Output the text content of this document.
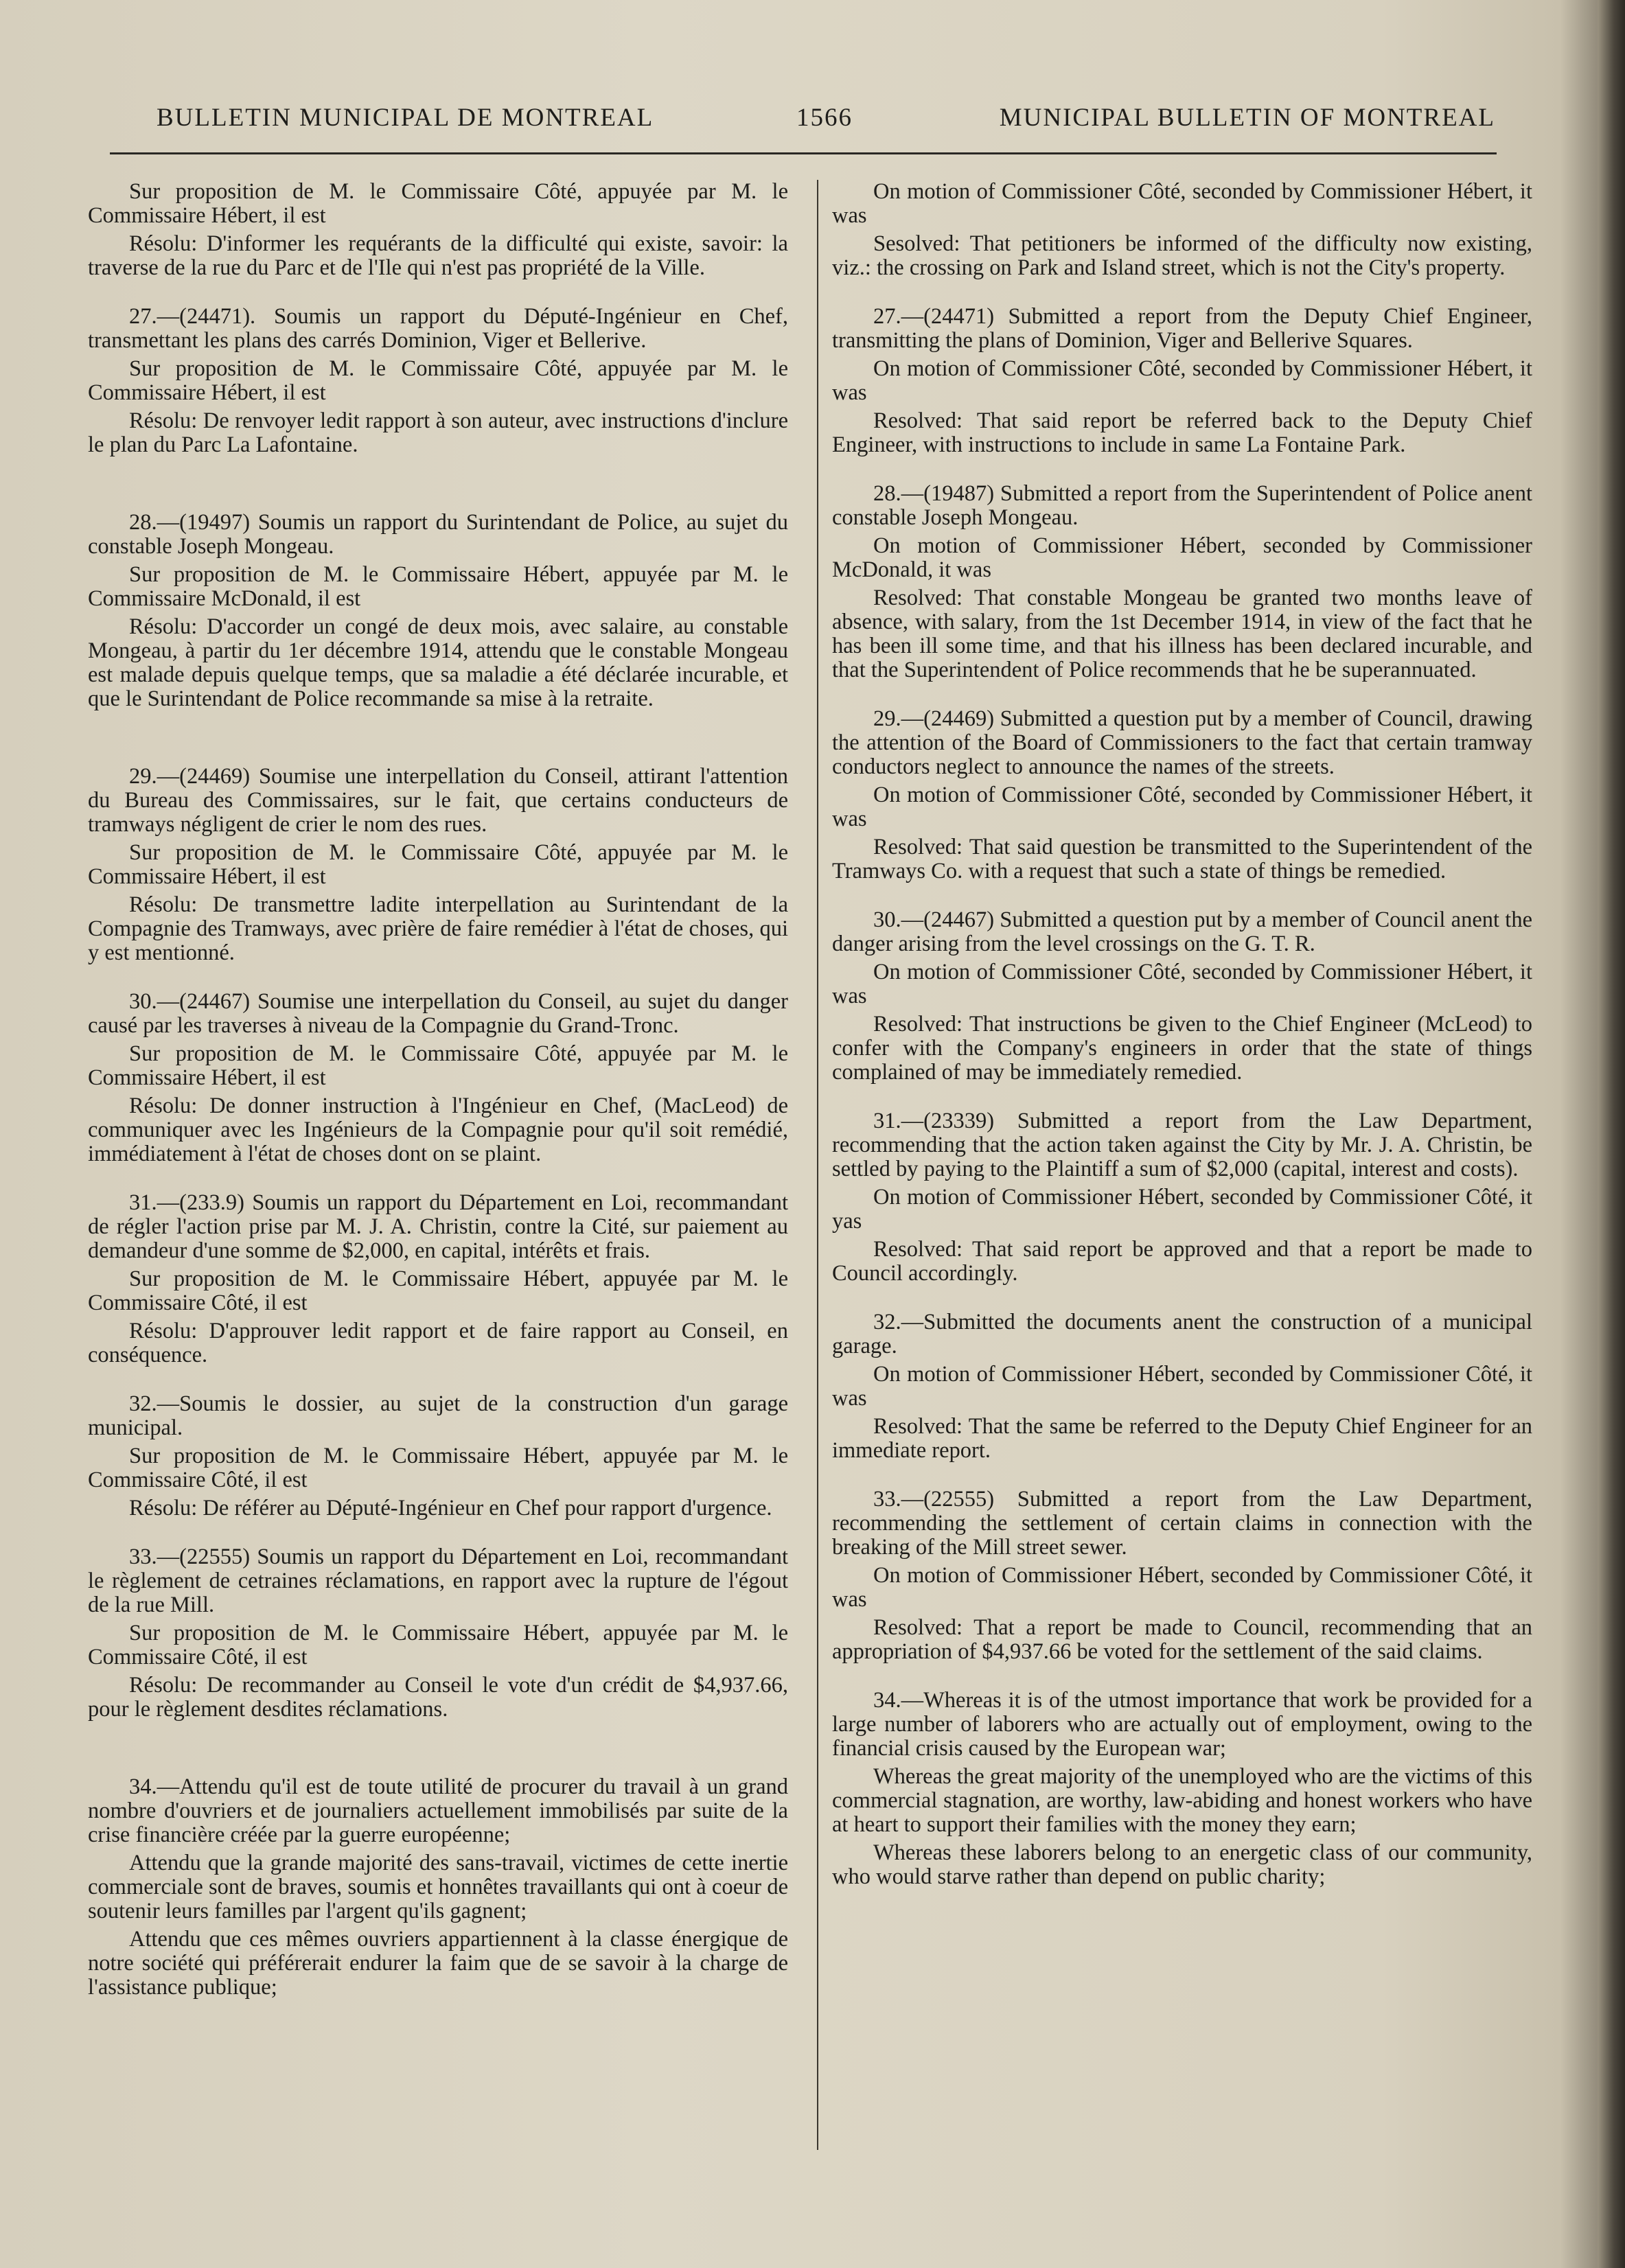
BULLETIN MUNICIPAL DE MONTREAL	1566	MUNICIPAL BULLETIN OF MONTREAL

Sur proposition de M. le Commissaire Côté, appuyée par M. le Commissaire Hébert, il est

Résolu: D'informer les requérants de la difficulté qui existe, savoir: la traverse de la rue du Parc et de l'Ile qui n'est pas propriété de la Ville.

27.—(24471). Soumis un rapport du Député-Ingénieur en Chef, transmettant les plans des carrés Dominion, Viger et Bellerive.

Sur proposition de M. le Commissaire Côté, appuyée par M. le Commissaire Hébert, il est

Résolu: De renvoyer ledit rapport à son auteur, avec instructions d'inclure le plan du Parc La Lafontaine.

28.—(19497) Soumis un rapport du Surintendant de Police, au sujet du constable Joseph Mongeau.

Sur proposition de M. le Commissaire Hébert, appuyée par M. le Commissaire McDonald, il est

Résolu: D'accorder un congé de deux mois, avec salaire, au constable Mongeau, à partir du 1er décembre 1914, attendu que le constable Mongeau est malade depuis quelque temps, que sa maladie a été déclarée incurable, et que le Surintendant de Police recommande sa mise à la retraite.

29.—(24469) Soumise une interpellation du Conseil, attirant l'attention du Bureau des Commissaires, sur le fait, que certains conducteurs de tramways négligent de crier le nom des rues.

Sur proposition de M. le Commissaire Côté, appuyée par M. le Commissaire Hébert, il est

Résolu: De transmettre ladite interpellation au Surintendant de la Compagnie des Tramways, avec prière de faire remédier à l'état de choses, qui y est mentionné.

30.—(24467) Soumise une interpellation du Conseil, au sujet du danger causé par les traverses à niveau de la Compagnie du Grand-Tronc.

Sur proposition de M. le Commissaire Côté, appuyée par M. le Commissaire Hébert, il est

Résolu: De donner instruction à l'Ingénieur en Chef, (MacLeod) de communiquer avec les Ingénieurs de la Compagnie pour qu'il soit remédié, immédiatement à l'état de choses dont on se plaint.

31.—(233.9) Soumis un rapport du Département en Loi, recommandant de régler l'action prise par M. J. A. Christin, contre la Cité, sur paiement au demandeur d'une somme de $2,000, en capital, intérêts et frais.

Sur proposition de M. le Commissaire Hébert, appuyée par M. le Commissaire Côté, il est

Résolu: D'approuver ledit rapport et de faire rapport au Conseil, en conséquence.

32.—Soumis le dossier, au sujet de la construction d'un garage municipal.

Sur proposition de M. le Commissaire Hébert, appuyée par M. le Commissaire Côté, il est

Résolu: De référer au Député-Ingénieur en Chef pour rapport d'urgence.

33.—(22555) Soumis un rapport du Département en Loi, recommandant le règlement de cetraines réclamations, en rapport avec la rupture de l'égout de la rue Mill.

Sur proposition de M. le Commissaire Hébert, appuyée par M. le Commissaire Côté, il est

Résolu: De recommander au Conseil le vote d'un crédit de $4,937.66, pour le règlement desdites réclamations.

34.—Attendu qu'il est de toute utilité de procurer du travail à un grand nombre d'ouvriers et de journaliers actuellement immobilisés par suite de la crise financière créée par la guerre européenne;

Attendu que la grande majorité des sans-travail, victimes de cette inertie commerciale sont de braves, soumis et honnêtes travaillants qui ont à coeur de soutenir leurs familles par l'argent qu'ils gagnent;

Attendu que ces mêmes ouvriers appartiennent à la classe énergique de notre société qui préférerait endurer la faim que de se savoir à la charge de l'assistance publique;

On motion of Commissioner Côté, seconded by Commissioner Hébert, it was

Sesolved: That petitioners be informed of the difficulty now existing, viz.: the crossing on Park and Island street, which is not the City's property.

27.—(24471) Submitted a report from the Deputy Chief Engineer, transmitting the plans of Dominion, Viger and Bellerive Squares.

On motion of Commissioner Côté, seconded by Commissioner Hébert, it was

Resolved: That said report be referred back to the Deputy Chief Engineer, with instructions to include in same La Fontaine Park.

28.—(19487) Submitted a report from the Superintendent of Police anent constable Joseph Mongeau.

On motion of Commissioner Hébert, seconded by Commissioner McDonald, it was

Resolved: That constable Mongeau be granted two months leave of absence, with salary, from the 1st December 1914, in view of the fact that he has been ill some time, and that his illness has been declared incurable, and that the Superintendent of Police recommends that he be superannuated.

29.—(24469) Submitted a question put by a member of Council, drawing the attention of the Board of Commissioners to the fact that certain tramway conductors neglect to announce the names of the streets.

On motion of Commissioner Côté, seconded by Commissioner Hébert, it was

Resolved: That said question be transmitted to the Superintendent of the Tramways Co. with a request that such a state of things be remedied.

30.—(24467) Submitted a question put by a member of Council anent the danger arising from the level crossings on the G. T. R.

On motion of Commissioner Côté, seconded by Commissioner Hébert, it was

Resolved: That instructions be given to the Chief Engineer (McLeod) to confer with the Company's engineers in order that the state of things complained of may be immediately remedied.

31.—(23339) Submitted a report from the Law Department, recommending that the action taken against the City by Mr. J. A. Christin, be settled by paying to the Plaintiff a sum of $2,000 (capital, interest and costs).

On motion of Commissioner Hébert, seconded by Commissioner Côté, it yas

Resolved: That said report be approved and that a report be made to Council accordingly.

32.—Submitted the documents anent the construction of a municipal garage.

On motion of Commissioner Hébert, seconded by Commissioner Côté, it was

Resolved: That the same be referred to the Deputy Chief Engineer for an immediate report.

33.—(22555) Submitted a report from the Law Department, recommending the settlement of certain claims in connection with the breaking of the Mill street sewer.

On motion of Commissioner Hébert, seconded by Commissioner Côté, it was

Resolved: That a report be made to Council, recommending that an appropriation of $4,937.66 be voted for the settlement of the said claims.

34.—Whereas it is of the utmost importance that work be provided for a large number of laborers who are actually out of employment, owing to the financial crisis caused by the European war;

Whereas the great majority of the unemployed who are the victims of this commercial stagnation, are worthy, law-abiding and honest workers who have at heart to support their families with the money they earn;

Whereas these laborers belong to an energetic class of our community, who would starve rather than depend on public charity;
